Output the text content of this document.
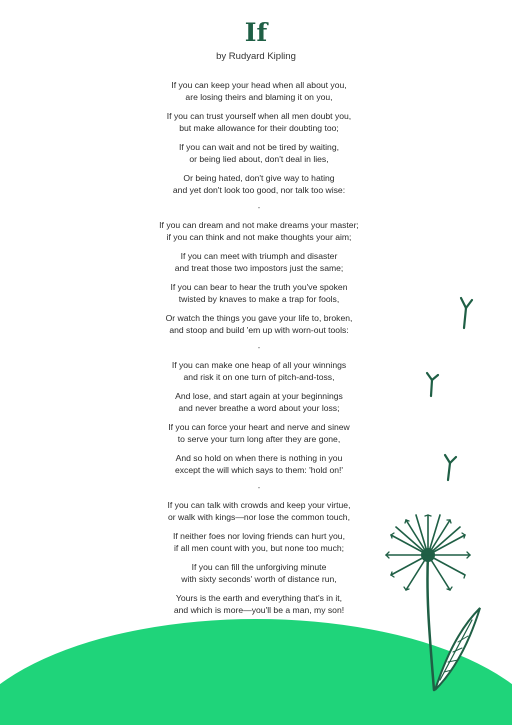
If
by Rudyard Kipling

If you can keep your head when all about you,

are losing theirs and blaming it on you,

If you can trust yourself when all men doubt you,

but make allowance for their doubting too;

If you can wait and not be tired by waiting,

or being lied about, don't deal in lies,

Or being hated, don't give way to hating

and yet don't look too good, nor talk too wise:

-

If you can dream and not make dreams your master;

if you can think and not make thoughts your aim;

If you can meet with triumph and disaster

and treat those two impostors just the same;

If you can bear to hear the truth you've spoken

twisted by knaves to make a trap for fools,

Or watch the things you gave your life to, broken,

and stoop and build 'em up with worn-out tools:

-

If you can make one heap of all your winnings

and risk it on one turn of pitch-and-toss,

And lose, and start again at your beginnings

and never breathe a word about your loss;

If you can force your heart and nerve and sinew

to serve your turn long after they are gone,

And so hold on when there is nothing in you

except the will which says to them: 'hold on!'

-

If you can talk with crowds and keep your virtue,

or walk with kings—nor lose the common touch,

If neither foes nor loving friends can hurt you,

if all men count with you, but none too much;

If you can fill the unforgiving minute

with sixty seconds' worth of distance run,

Yours is the earth and everything that's in it,

and which is more—you'll be a man, my son!
